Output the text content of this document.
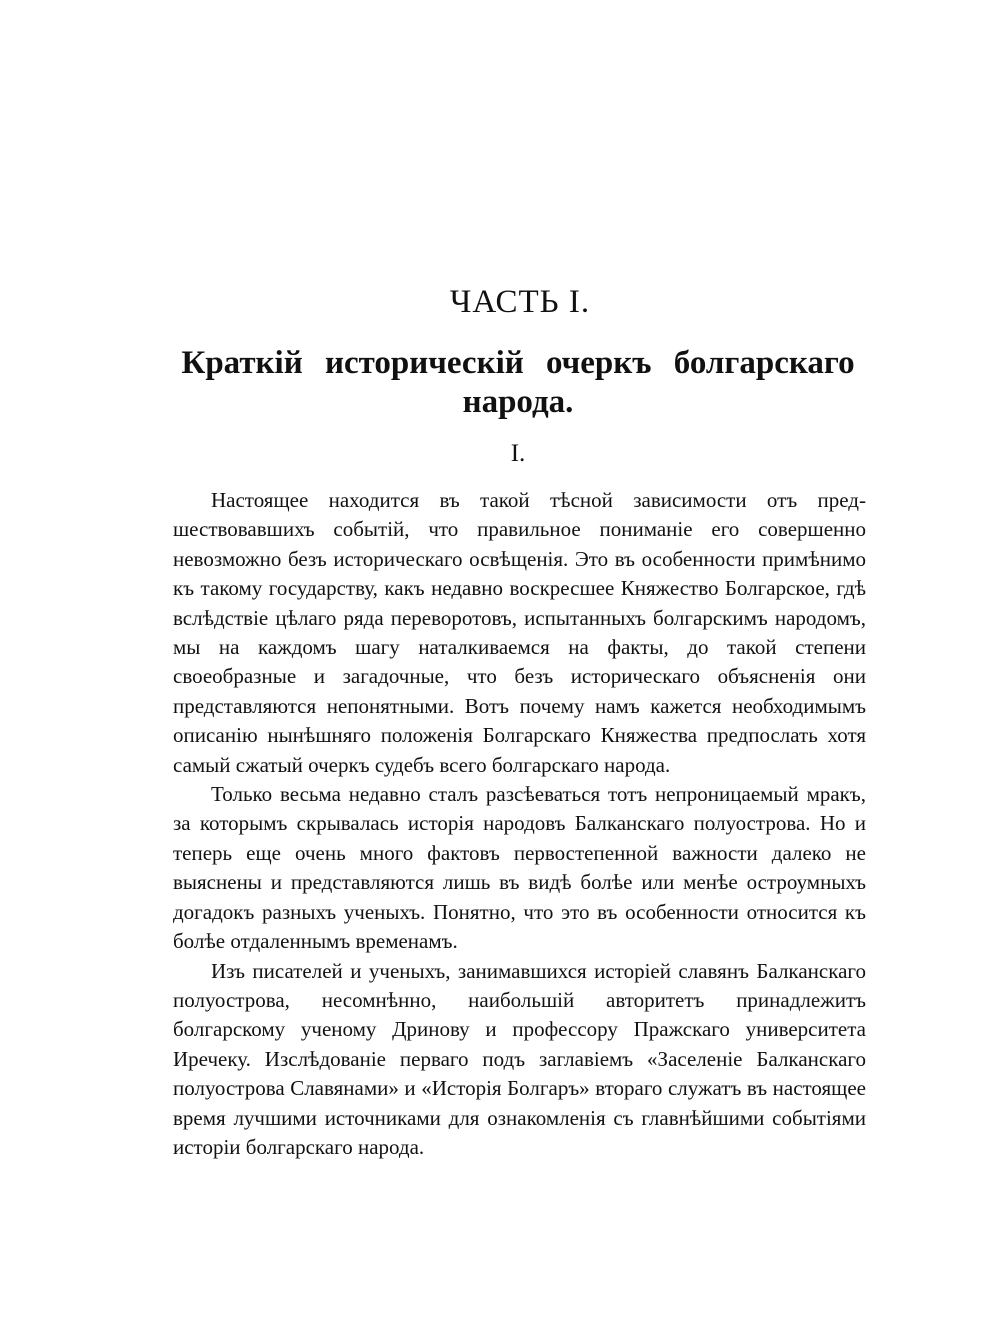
ЧАСТЬ I.
Краткій историческій очеркъ болгарскаго народа.
I.

Настоящее находится въ такой тѣсной зависимости отъ предшествовавшихъ событій, что правильное пониманіе его совершенно невозможно безъ историческаго освѣщенія. Это въ особенности примѣнимо къ такому государству, какъ недавно воскресшее Княжество Болгарское, гдѣ вслѣдствіе цѣлаго ряда переворотовъ, испытанныхъ болгарскимъ народомъ, мы на каждомъ шагу наталкиваемся на факты, до такой степени своеобразные и загадочные, что безъ историческаго объясненія они представляются непонятными. Вотъ почему намъ кажется необходимымъ описанію нынѣшняго положенія Болгарскаго Княжества предпослать хотя самый сжатый очеркъ судебъ всего болгарскаго народа.

Только весьма недавно сталъ разсѣеваться тотъ непроницаемый мракъ, за которымъ скрывалась исторія народовъ Балканскаго полуострова. Но и теперь еще очень много фактовъ первостепенной важности далеко не выяснены и представляются лишь въ видѣ болѣе или менѣе остроумныхъ догадокъ разныхъ ученыхъ. Понятно, что это въ особенности относится къ болѣе отдаленнымъ временамъ.

Изъ писателей и ученыхъ, занимавшихся исторіей славянъ Балканскаго полуострова, несомнѣнно, наибольшій авторитетъ принадлежитъ болгарскому ученому Дринову и профессору Пражскаго университета Иречеку. Изслѣдованіе перваго подъ заглавіемъ «Заселеніе Балканскаго полуострова Славянами» и «Исторія Болгаръ» втораго служатъ въ настоящее время лучшими источниками для ознакомленія съ главнѣйшими событіями исторіи болгарскаго народа.
